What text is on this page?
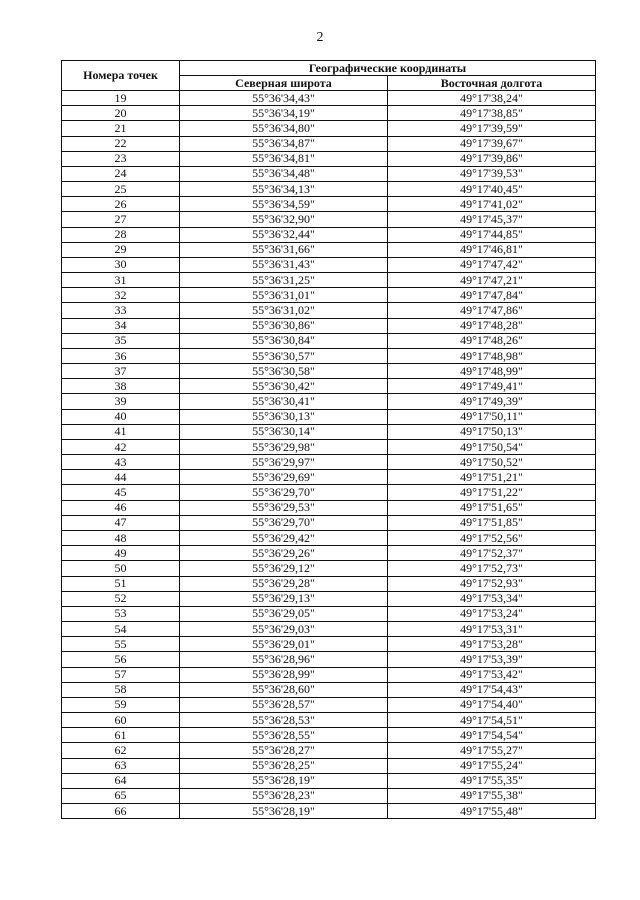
2
Номера точек	Географические координаты	
	Северная широта	Восточная долгота
19	55°36'34,43"	49°17'38,24"
20	55°36'34,19"	49°17'38,85"
21	55°36'34,80"	49°17'39,59"
22	55°36'34,87"	49°17'39,67"
23	55°36'34,81"	49°17'39,86"
24	55°36'34,48"	49°17'39,53"
25	55°36'34,13"	49°17'40,45"
26	55°36'34,59"	49°17'41,02"
27	55°36'32,90"	49°17'45,37"
28	55°36'32,44"	49°17'44,85"
29	55°36'31,66"	49°17'46,81"
30	55°36'31,43"	49°17'47,42"
31	55°36'31,25"	49°17'47,21"
32	55°36'31,01"	49°17'47,84"
33	55°36'31,02"	49°17'47,86"
34	55°36'30,86"	49°17'48,28"
35	55°36'30,84"	49°17'48,26"
36	55°36'30,57"	49°17'48,98"
37	55°36'30,58"	49°17'48,99"
38	55°36'30,42"	49°17'49,41"
39	55°36'30,41"	49°17'49,39"
40	55°36'30,13"	49°17'50,11"
41	55°36'30,14"	49°17'50,13"
42	55°36'29,98"	49°17'50,54"
43	55°36'29,97"	49°17'50,52"
44	55°36'29,69"	49°17'51,21"
45	55°36'29,70"	49°17'51,22"
46	55°36'29,53"	49°17'51,65"
47	55°36'29,70"	49°17'51,85"
48	55°36'29,42"	49°17'52,56"
49	55°36'29,26"	49°17'52,37"
50	55°36'29,12"	49°17'52,73"
51	55°36'29,28"	49°17'52,93"
52	55°36'29,13"	49°17'53,34"
53	55°36'29,05"	49°17'53,24"
54	55°36'29,03"	49°17'53,31"
55	55°36'29,01"	49°17'53,28"
56	55°36'28,96"	49°17'53,39"
57	55°36'28,99"	49°17'53,42"
58	55°36'28,60"	49°17'54,43"
59	55°36'28,57"	49°17'54,40"
60	55°36'28,53"	49°17'54,51"
61	55°36'28,55"	49°17'54,54"
62	55°36'28,27"	49°17'55,27"
63	55°36'28,25"	49°17'55,24"
64	55°36'28,19"	49°17'55,35"
65	55°36'28,23"	49°17'55,38"
66	55°36'28,19"	49°17'55,48"
